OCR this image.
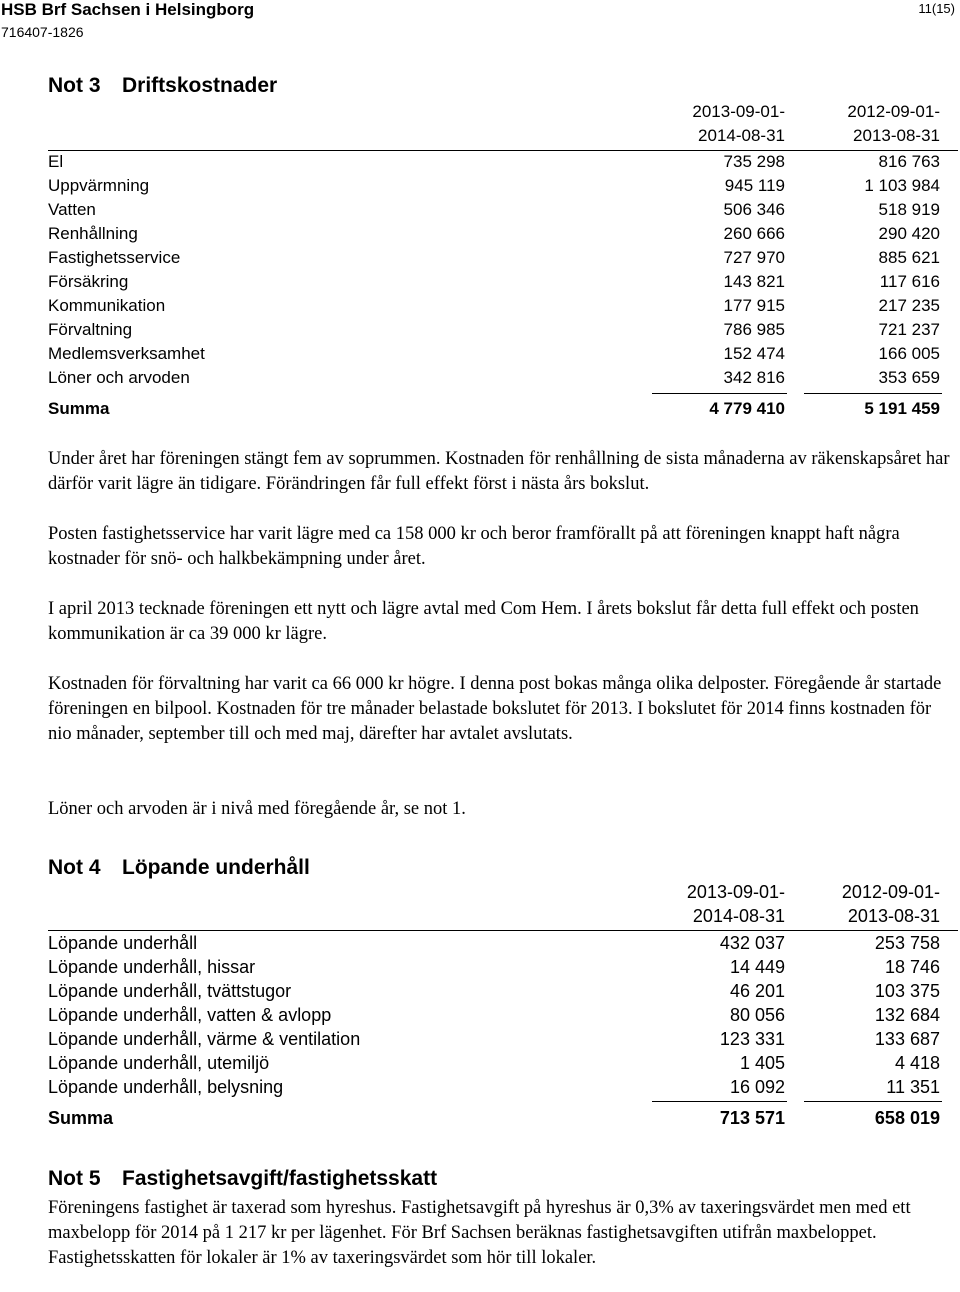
HSB Brf Sachsen i Helsingborg
716407-1826
11(15)
Not 3 Driftskostnader
2013-09-01-
2014-08-31
2012-09-01-
2013-08-31
El	735 298	816 763
Uppvärmning	945 119	1 103 984
Vatten	506 346	518 919
Renhållning	260 666	290 420
Fastighetsservice	727 970	885 621
Försäkring	143 821	117 616
Kommunikation	177 915	217 235
Förvaltning	786 985	721 237
Medlemsverksamhet	152 474	166 005
Löner och arvoden	342 816	353 659
Summa	4 779 410	5 191 459

Under året har föreningen stängt fem av soprummen. Kostnaden för renhållning de sista månaderna av räkenskapsåret har därför varit lägre än tidigare. Förändringen får full effekt först i nästa års bokslut.

Posten fastighetsservice har varit lägre med ca 158 000 kr och beror framförallt på att föreningen knappt haft några kostnader för snö- och halkbekämpning under året.

I april 2013 tecknade föreningen ett nytt och lägre avtal med Com Hem. I årets bokslut får detta full effekt och posten kommunikation är ca 39 000 kr lägre.

Kostnaden för förvaltning har varit ca 66 000 kr högre. I denna post bokas många olika delposter. Föregående år startade föreningen en bilpool. Kostnaden för tre månader belastade bokslutet för 2013. I bokslutet för 2014 finns kostnaden för nio månader, september till och med maj, därefter har avtalet avslutats.

Löner och arvoden är i nivå med föregående år, se not 1.

Not 4 Löpande underhåll
2013-09-01-
2014-08-31
2012-09-01-
2013-08-31
Löpande underhåll	432 037	253 758
Löpande underhåll, hissar	14 449	18 746
Löpande underhåll, tvättstugor	46 201	103 375
Löpande underhåll, vatten & avlopp	80 056	132 684
Löpande underhåll, värme & ventilation	123 331	133 687
Löpande underhåll, utemiljö	1 405	4 418
Löpande underhåll, belysning	16 092	11 351
Summa	713 571	658 019
Not 5 Fastighetsavgift/fastighetsskatt

Föreningens fastighet är taxerad som hyreshus. Fastighetsavgift på hyreshus är 0,3% av taxeringsvärdet men med ett maxbelopp för 2014 på 1 217 kr per lägenhet. För Brf Sachsen beräknas fastighetsavgiften utifrån maxbeloppet. Fastighetsskatten för lokaler är 1% av taxeringsvärdet som hör till lokaler.
